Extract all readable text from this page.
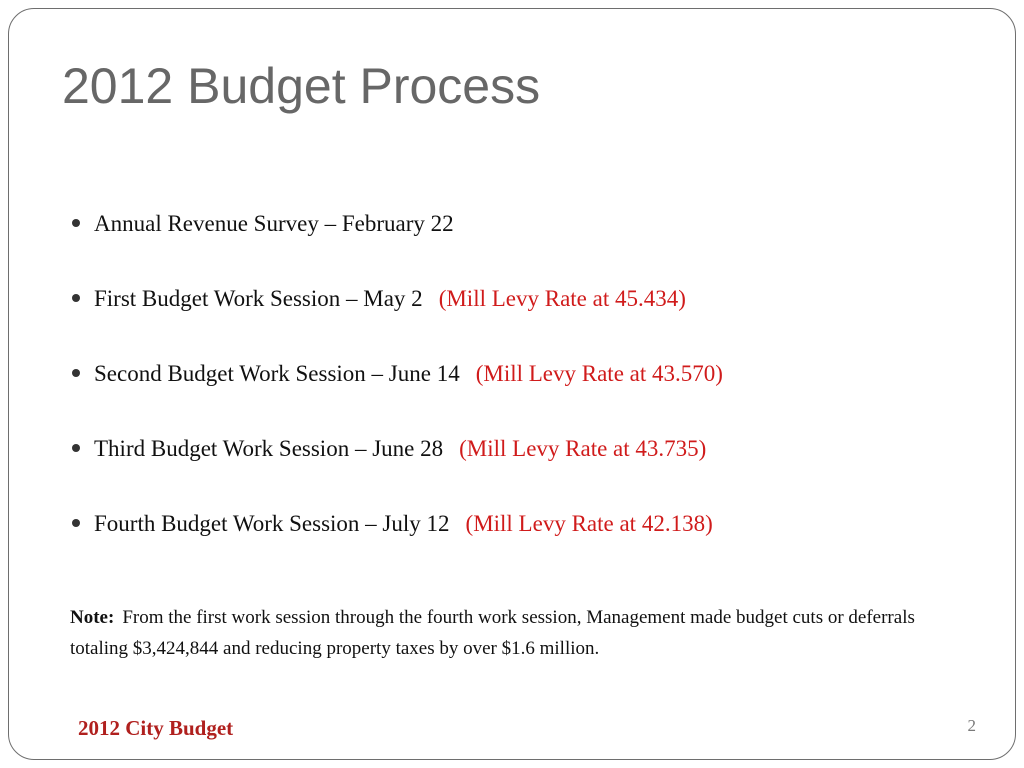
2012 Budget Process
Annual Revenue Survey – February 22
First Budget Work Session – May 2 (Mill Levy Rate at 45.434)
Second Budget Work Session – June 14 (Mill Levy Rate at 43.570)
Third Budget Work Session – June 28 (Mill Levy Rate at 43.735)
Fourth Budget Work Session – July 12 (Mill Levy Rate at 42.138)

Note: From the first work session through the fourth work session, Management made budget cuts or deferrals totaling $3,424,844 and reducing property taxes by over $1.6 million.

2012 City Budget	2
